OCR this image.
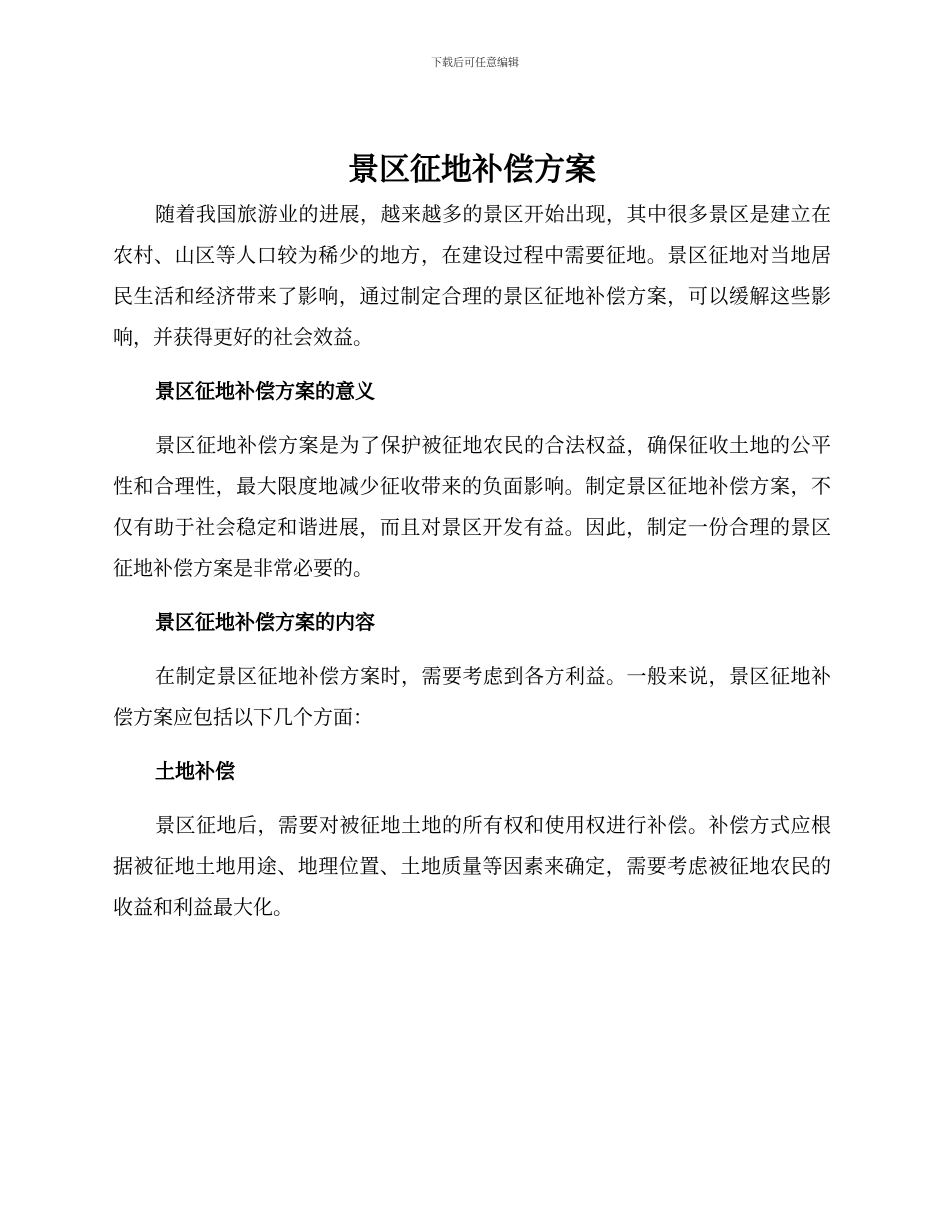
下载后可任意编辑
景区征地补偿方案

随着我国旅游业的进展，越来越多的景区开始出现，其中很多景区是建立在农村、山区等人口较为稀少的地方，在建设过程中需要征地。景区征地对当地居民生活和经济带来了影响，通过制定合理的景区征地补偿方案，可以缓解这些影响，并获得更好的社会效益。

景区征地补偿方案的意义

景区征地补偿方案是为了保护被征地农民的合法权益，确保征收土地的公平性和合理性，最大限度地减少征收带来的负面影响。制定景区征地补偿方案，不仅有助于社会稳定和谐进展，而且对景区开发有益。因此，制定一份合理的景区征地补偿方案是非常必要的。

景区征地补偿方案的内容

在制定景区征地补偿方案时，需要考虑到各方利益。一般来说，景区征地补偿方案应包括以下几个方面：

土地补偿

景区征地后，需要对被征地土地的所有权和使用权进行补偿。补偿方式应根据被征地土地用途、地理位置、土地质量等因素来确定，需要考虑被征地农民的收益和利益最大化。
